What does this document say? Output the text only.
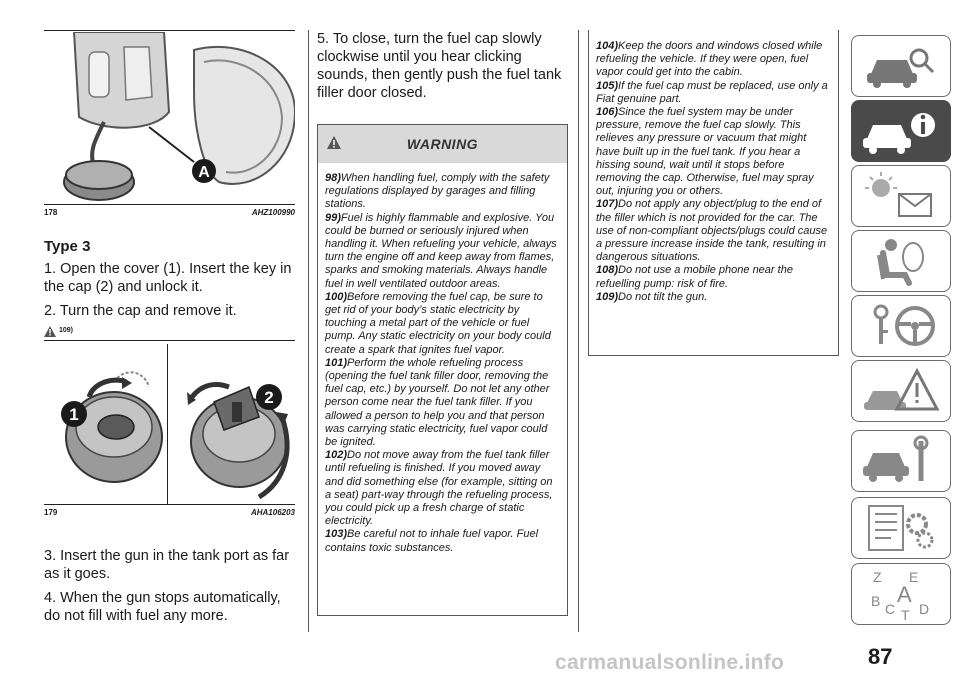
A
178	AHZ100990
Type 3

1. Open the cover (1). Insert the key in the cap (2) and unlock it.

2. Turn the cap and remove it.

109)
1
2
179	AHA106203

3. Insert the gun in the tank port as far as it goes.

4. When the gun stops automatically, do not fill with fuel any more.

5. To close, turn the fuel cap slowly clockwise until you hear clicking sounds, then gently push the fuel tank filler door closed.
WARNING
98)When handling fuel, comply with the safety regulations displayed by garages and filling stations.
99)Fuel is highly flammable and explosive. You could be burned or seriously injured when handling it. When refueling your vehicle, always turn the engine off and keep away from flames, sparks and smoking materials. Always handle fuel in well ventilated outdoor areas.
100)Before removing the fuel cap, be sure to get rid of your body’s static electricity by touching a metal part of the vehicle or fuel pump. Any static electricity on your body could create a spark that ignites fuel vapor.
101)Perform the whole refueling process (opening the fuel tank filler door, removing the fuel cap, etc.) by yourself. Do not let any other person come near the fuel tank filler. If you allowed a person to help you and that person was carrying static electricity, fuel vapor could be ignited.
102)Do not move away from the fuel tank filler until refueling is finished. If you moved away and did something else (for example, sitting on a seat) part-way through the refueling process, you could pick up a fresh charge of static electricity.
103)Be careful not to inhale fuel vapor. Fuel contains toxic substances.
104)Keep the doors and windows closed while refueling the vehicle. If they were open, fuel vapor could get into the cabin.
105)If the fuel cap must be replaced, use only a Fiat genuine part.
106)Since the fuel system may be under pressure, remove the fuel cap slowly. This relieves any pressure or vacuum that might have built up in the fuel tank. If you hear a hissing sound, wait until it stops before removing the cap. Otherwise, fuel may spray out, injuring you or others.
107)Do not apply any object/plug to the end of the filler which is not provided for the car. The use of non-compliant objects/plugs could cause a pressure increase inside the tank, resulting in dangerous situations.
108)Do not use a mobile phone near the refuelling pump: risk of fire.
109)Do not tilt the gun.
Z E
B A
C D
T
carmanualsonline.info	87
